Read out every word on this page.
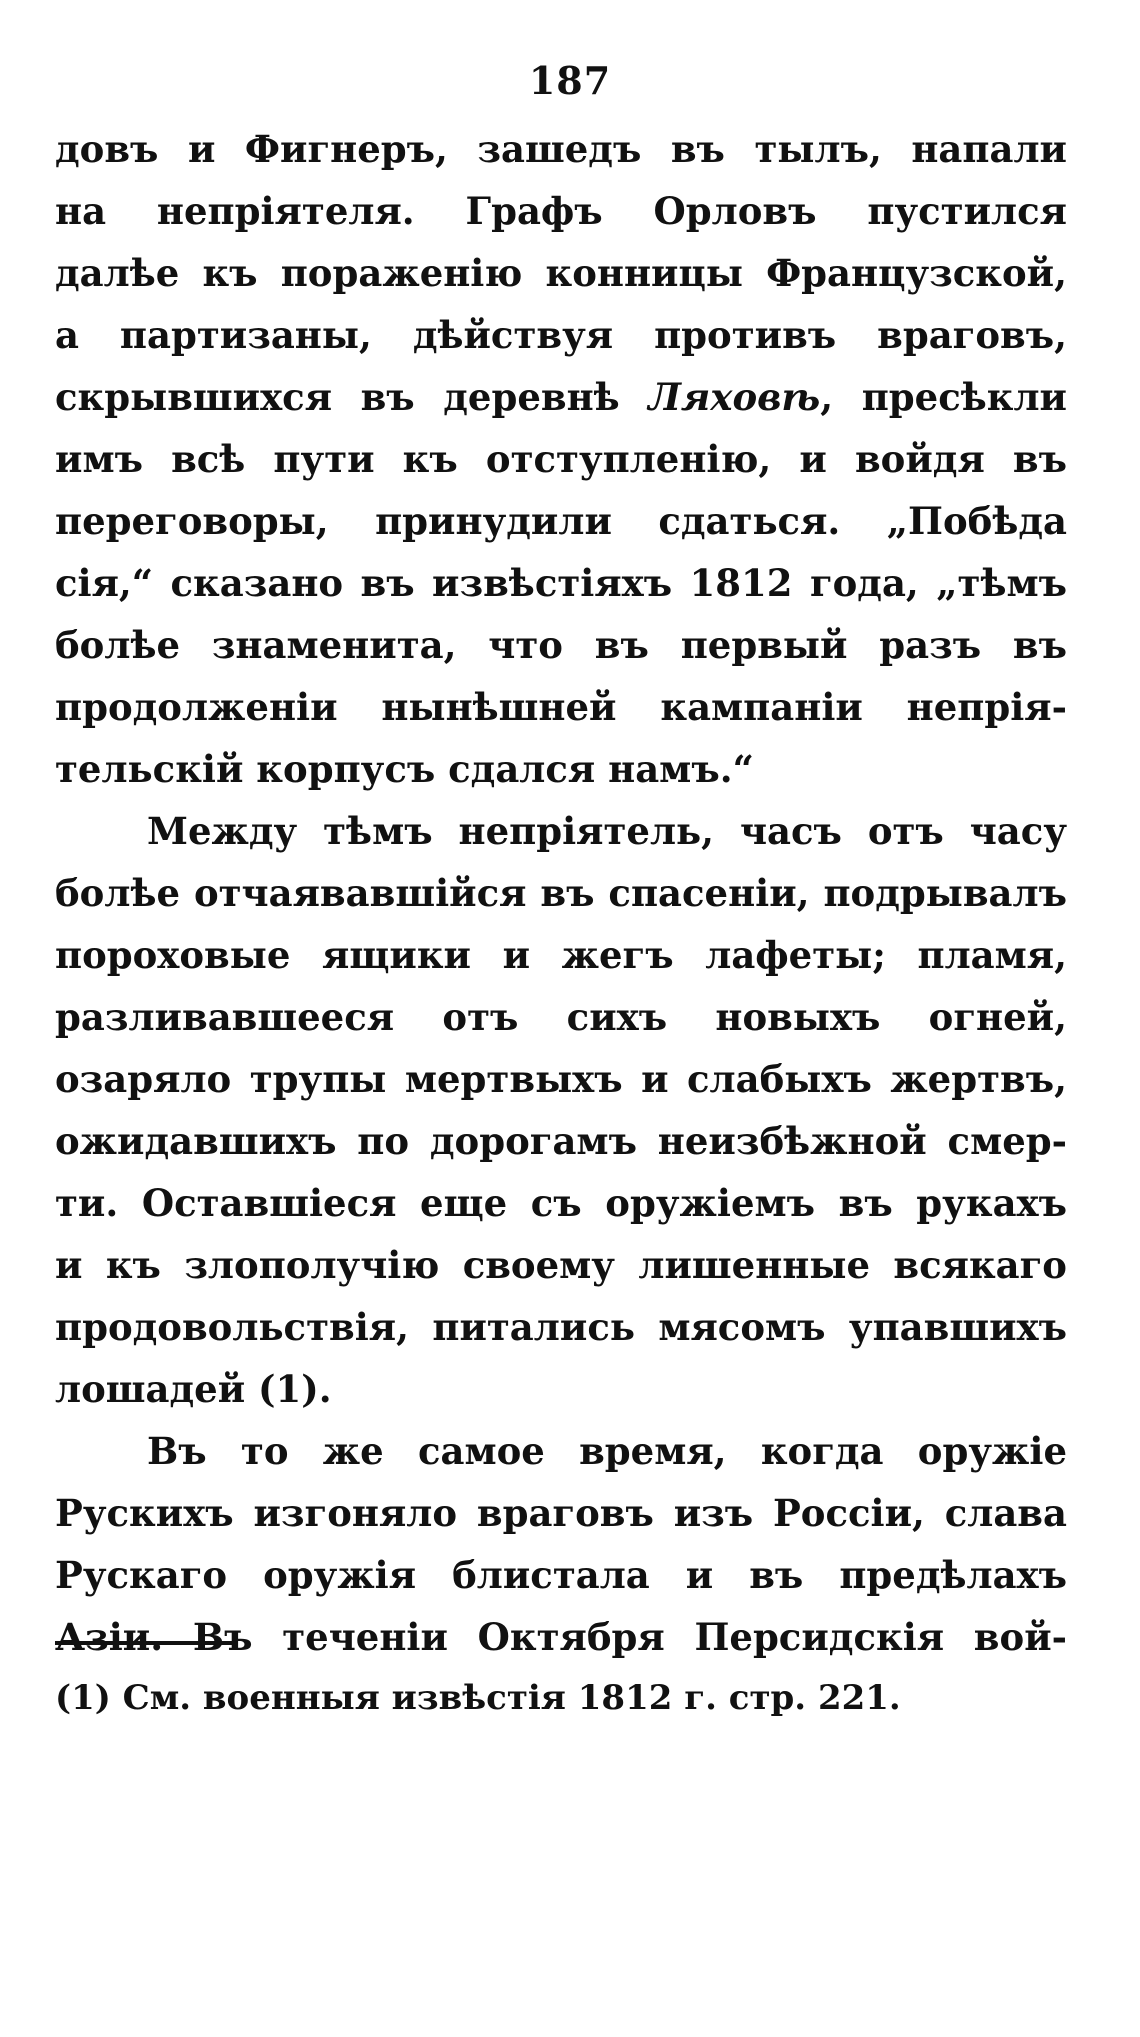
187
довъ и Фигнеръ, зашедъ въ тылъ, напали
на непріятеля. Графъ Орловъ пустился
далѣе къ пораженію конницы Французской,
а партизаны, дѣйствуя противъ враговъ,
скрывшихся въ деревнѣ Ляховѣ, пресѣкли
имъ всѣ пути къ отступленію, и войдя въ
переговоры, принудили сдаться. „Побѣда
сія,“ сказано въ извѣстіяхъ 1812 года, „тѣмъ
болѣе знаменита, что въ первый разъ въ
продолженіи нынѣшней кампаніи непрія-
тельскій корпусъ сдался намъ.“
Между тѣмъ непріятель, часъ отъ часу
болѣе отчаявавшійся въ спасеніи, подрывалъ
пороховые ящики и жегъ лафеты; пламя,
разливавшееся отъ сихъ новыхъ огней,
озаряло трупы мертвыхъ и слабыхъ жертвъ,
ожидавшихъ по дорогамъ неизбѣжной смер-
ти. Оставшіеся еще съ оружіемъ въ рукахъ
и къ злополучію своему лишенные всякаго
продовольствія, питались мясомъ упавшихъ
лошадей (1).
Въ то же самое время, когда оружіе
Рускихъ изгоняло враговъ изъ Россіи, слава
Рускаго оружія блистала и въ предѣлахъ
Азіи. Въ теченіи Октября Персидскія вой-
(1) См. военныя извѣстія 1812 г. стр. 221.
